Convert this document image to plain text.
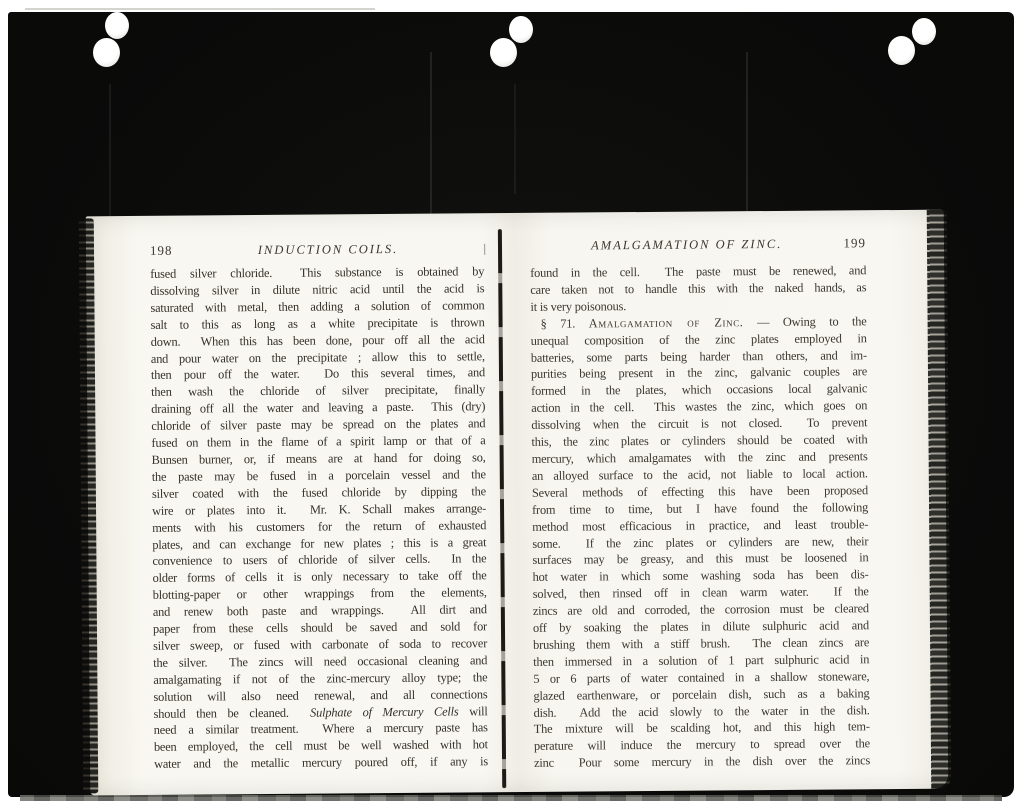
198	INDUCTION COILS.	|
fused silver chloride.  This substance is obtained by
dissolving silver in dilute nitric acid until the acid is
saturated with metal, then adding a solution of common
salt to this as long as a white precipitate is thrown
down.  When this has been done, pour off all the acid
and pour water on the precipitate ; allow this to settle,
then pour off the water.  Do this several times, and
then wash the chloride of silver precipitate, finally
draining off all the water and leaving a paste.  This (dry)
chloride of silver paste may be spread on the plates and
fused on them in the flame of a spirit lamp or that of a
Bunsen burner, or, if means are at hand for doing so,
the paste may be fused in a porcelain vessel and the
silver coated with the fused chloride by dipping the
wire or plates into it.  Mr. K. Schall makes arrange-
ments with his customers for the return of exhausted
plates, and can exchange for new plates ; this is a great
convenience to users of chloride of silver cells.  In the
older forms of cells it is only necessary to take off the
blotting-paper or other wrappings from the elements,
and renew both paste and wrappings.  All dirt and
paper from these cells should be saved and sold for
silver sweep, or fused with carbonate of soda to recover
the silver.  The zincs will need occasional cleaning and
amalgamating if not of the zinc-mercury alloy type; the
solution will also need renewal, and all connections
should then be cleaned.  Sulphate of Mercury Cells will
need a similar treatment.  Where a mercury paste has
been employed, the cell must be well washed with hot
water and the metallic mercury poured off, if any is
AMALGAMATION OF ZINC.	199
found in the cell.  The paste must be renewed, and
care taken not to handle this with the naked hands, as
it is very poisonous.
§ 71. Amalgamation of Zinc. — Owing to the
unequal composition of the zinc plates employed in
batteries, some parts being harder than others, and im-
purities being present in the zinc, galvanic couples are
formed in the plates, which occasions local galvanic
action in the cell.  This wastes the zinc, which goes on
dissolving when the circuit is not closed.  To prevent
this, the zinc plates or cylinders should be coated with
mercury, which amalgamates with the zinc and presents
an alloyed surface to the acid, not liable to local action.
Several methods of effecting this have been proposed
from time to time, but I have found the following
method most efficacious in practice, and least trouble-
some.  If the zinc plates or cylinders are new, their
surfaces may be greasy, and this must be loosened in
hot water in which some washing soda has been dis-
solved, then rinsed off in clean warm water.  If the
zincs are old and corroded, the corrosion must be cleared
off by soaking the plates in dilute sulphuric acid and
brushing them with a stiff brush.  The clean zincs are
then immersed in a solution of 1 part sulphuric acid in
5 or 6 parts of water contained in a shallow stoneware,
glazed earthenware, or porcelain dish, such as a baking
dish.  Add the acid slowly to the water in the dish.
The mixture will be scalding hot, and this high tem-
perature will induce the mercury to spread over the
zinc  Pour some mercury in the dish over the zincs
